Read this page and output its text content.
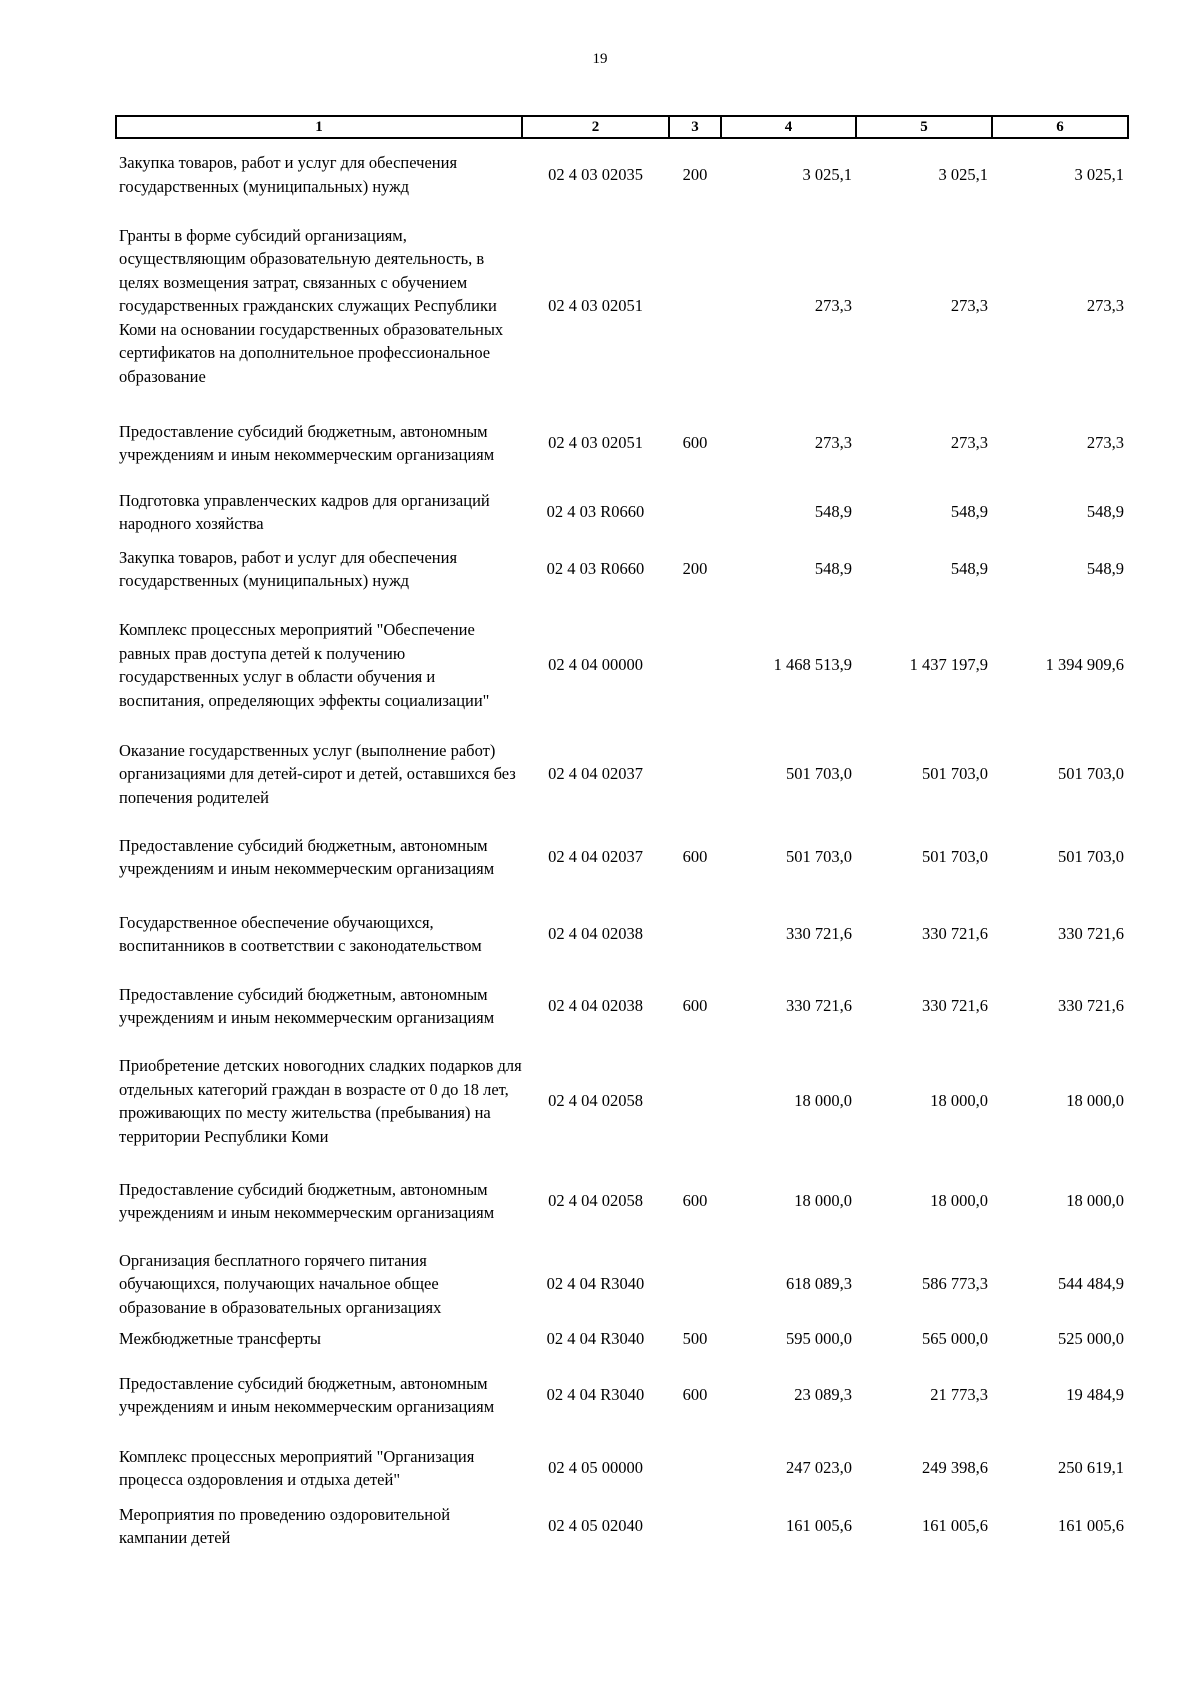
19
1	2	3	4	5	6
Закупка товаров, работ и услуг для обеспечения государственных (муниципальных) нужд	02 4 03 02035	200	3 025,1	3 025,1	3 025,1
Гранты в форме субсидий организациям, осуществляющим образовательную деятельность, в целях возмещения затрат, связанных с обучением государственных гражданских служащих Республики Коми на основании государственных образовательных сертификатов на дополнительное профессиональное образование	02 4 03 02051		273,3	273,3	273,3
Предоставление субсидий бюджетным, автономным учреждениям и иным некоммерческим организациям	02 4 03 02051	600	273,3	273,3	273,3
Подготовка управленческих кадров для организаций народного хозяйства	02 4 03 R0660		548,9	548,9	548,9
Закупка товаров, работ и услуг для обеспечения государственных (муниципальных) нужд	02 4 03 R0660	200	548,9	548,9	548,9
Комплекс процессных мероприятий "Обеспечение равных прав доступа детей к получению государственных услуг в области обучения и воспитания, определяющих эффекты социализации"	02 4 04 00000		1 468 513,9	1 437 197,9	1 394 909,6
Оказание государственных услуг (выполнение работ) организациями для детей-сирот и детей, оставшихся без попечения родителей	02 4 04 02037		501 703,0	501 703,0	501 703,0
Предоставление субсидий бюджетным, автономным учреждениям и иным некоммерческим организациям	02 4 04 02037	600	501 703,0	501 703,0	501 703,0
Государственное обеспечение обучающихся, воспитанников в соответствии с законодательством	02 4 04 02038		330 721,6	330 721,6	330 721,6
Предоставление субсидий бюджетным, автономным учреждениям и иным некоммерческим организациям	02 4 04 02038	600	330 721,6	330 721,6	330 721,6
Приобретение детских новогодних сладких подарков для отдельных категорий граждан в возрасте от 0 до 18 лет, проживающих по месту жительства (пребывания) на территории Республики Коми	02 4 04 02058		18 000,0	18 000,0	18 000,0
Предоставление субсидий бюджетным, автономным учреждениям и иным некоммерческим организациям	02 4 04 02058	600	18 000,0	18 000,0	18 000,0
Организация бесплатного горячего питания обучающихся, получающих начальное общее образование в образовательных организациях	02 4 04 R3040		618 089,3	586 773,3	544 484,9
Межбюджетные трансферты	02 4 04 R3040	500	595 000,0	565 000,0	525 000,0
Предоставление субсидий бюджетным, автономным учреждениям и иным некоммерческим организациям	02 4 04 R3040	600	23 089,3	21 773,3	19 484,9
Комплекс процессных мероприятий "Организация процесса оздоровления и отдыха детей"	02 4 05 00000		247 023,0	249 398,6	250 619,1
Мероприятия по проведению оздоровительной кампании детей	02 4 05 02040		161 005,6	161 005,6	161 005,6
